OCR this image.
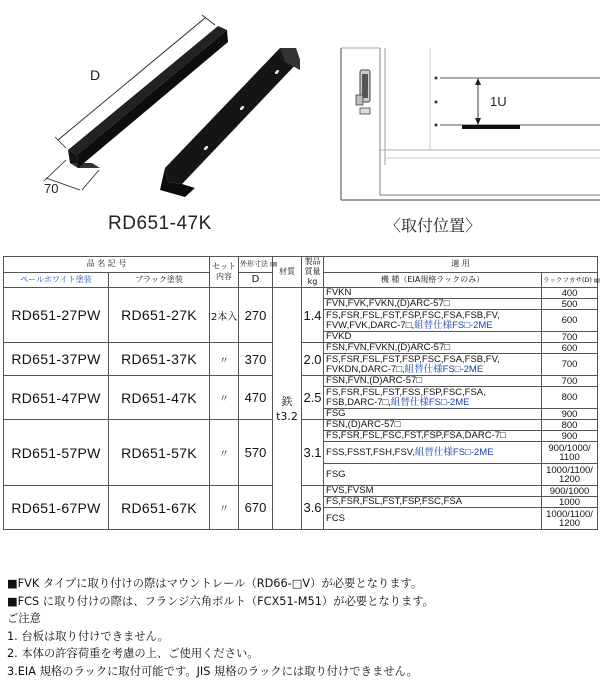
D
70
1U
RD651-47K	〈取付位置〉
品 名 記 号		セット
内容	外形寸法 ㎜	材質	製品
質量
kg	適 用	
ペールホワイト塗装	ブラック塗装		D			機 種（EIA規格ラックのみ）	ラックフカサ(D) ㎜
RD651-27PW	RD651-27K	2本入	270	鉄
t3.2	1.4	FVKN	400
						FVN,FVK,FVKN,(D)ARC-57□	500
						FS,FSR,FSL,FST,FSP,FSC,FSA,FSB,FV,
FVW,FVK,DARC-7□,組替仕様FS□-2ME	600
						FVKD	700
RD651-37PW	RD651-37K	〃	370		2.0	FSN,FVN,FVKN,(D)ARC-57□	600
						FS,FSR,FSL,FST,FSP,FSC,FSA,FSB,FV,
FVKDN,DARC-7□,組替仕様FS□-2ME	700
RD651-47PW	RD651-47K	〃	470		2.5	FSN,FVN,(D)ARC-57□	700
						FS,FSR,FSL,FST,FSS,FSP,FSC,FSA,
FSB,DARC-7□,組替仕様FS□-2ME	800
						FSG	900
RD651-57PW	RD651-57K	〃	570		3.1	FSN,(D)ARC-57□	800
						FS,FSR,FSL,FSC,FST,FSP,FSA,DARC-7□	900
						FSS,FSST,FSH,FSV,組替仕様FS□-2ME	900/1000/
1100
						FSG	1000/1100/
1200
RD651-67PW	RD651-67K	〃	670		3.6	FVS,FVSM	900/1000
						FS,FSR,FSL,FST,FSP,FSC,FSA	1000
						FCS	1000/1100/
1200
■FVK タイプに取り付けの際はマウントレール（RD66-□V）が必要となります。
■FCS に取り付けの際は、フランジ六角ボルト（FCX51-M51）が必要となります。
ご注意
1. 台板は取り付けできません。
2. 本体の許容荷重を考慮の上、ご使用ください。
3.EIA 規格のラックに取付可能です。JIS 規格のラックには取り付けできません。
